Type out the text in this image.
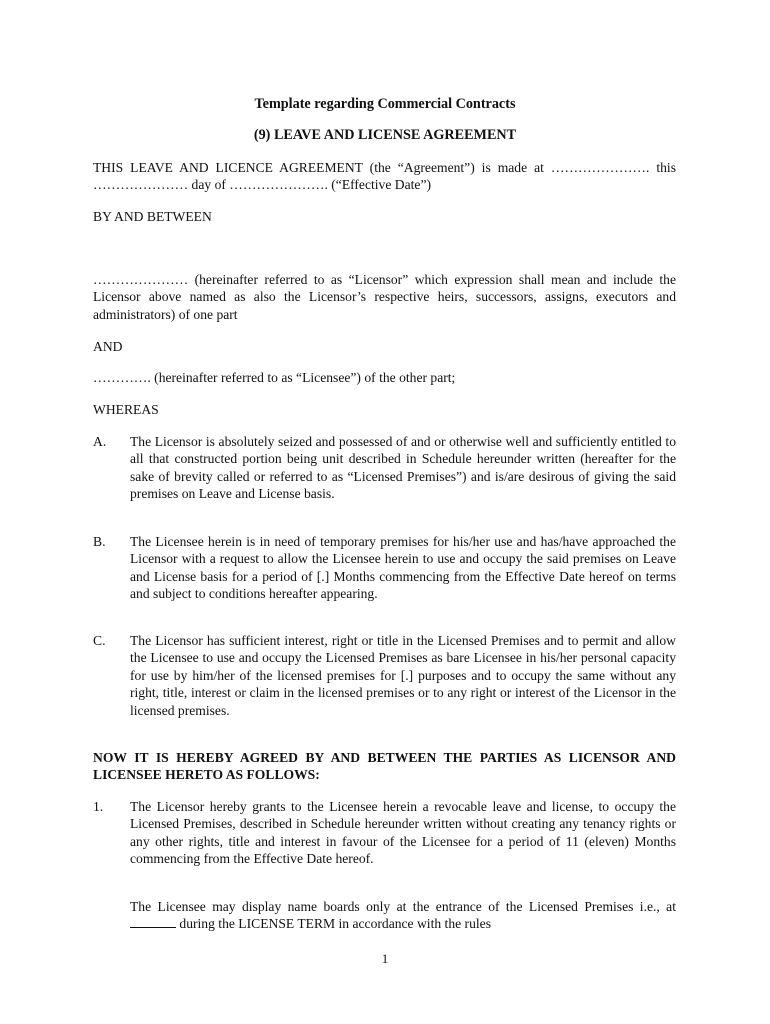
Template regarding Commercial Contracts
(9) LEAVE AND LICENSE AGREEMENT

THIS LEAVE AND LICENCE AGREEMENT (the “Agreement”) is made at …………………. this ………………… day of …………………. (“Effective Date”)

BY AND BETWEEN

………………… (hereinafter referred to as “Licensor” which expression shall mean and include the Licensor above named as also the Licensor’s respective heirs, successors, assigns, executors and administrators) of one part

AND

…………. (hereinafter referred to as “Licensee”) of the other part;

WHEREAS

A. The Licensor is absolutely seized and possessed of and or otherwise well and sufficiently entitled to all that constructed portion being unit described in Schedule hereunder written (hereafter for the sake of brevity called or referred to as “Licensed Premises”) and is/are desirous of giving the said premises on Leave and License basis.

B. The Licensee herein is in need of temporary premises for his/her use and has/have approached the Licensor with a request to allow the Licensee herein to use and occupy the said premises on Leave and License basis for a period of [.] Months commencing from the Effective Date hereof on terms and subject to conditions hereafter appearing.

C. The Licensor has sufficient interest, right or title in the Licensed Premises and to permit and allow the Licensee to use and occupy the Licensed Premises as bare Licensee in his/her personal capacity for use by him/her of the licensed premises for [.] purposes and to occupy the same without any right, title, interest or claim in the licensed premises or to any right or interest of the Licensor in the licensed premises.

NOW IT IS HEREBY AGREED BY AND BETWEEN THE PARTIES AS LICENSOR AND LICENSEE HERETO AS FOLLOWS:

1. The Licensor hereby grants to the Licensee herein a revocable leave and license, to occupy the Licensed Premises, described in Schedule hereunder written without creating any tenancy rights or any other rights, title and interest in favour of the Licensee for a period of 11 (eleven) Months commencing from the Effective Date hereof.

The Licensee may display name boards only at the entrance of the Licensed Premises i.e., at  during the LICENSE TERM in accordance with the rules

1
